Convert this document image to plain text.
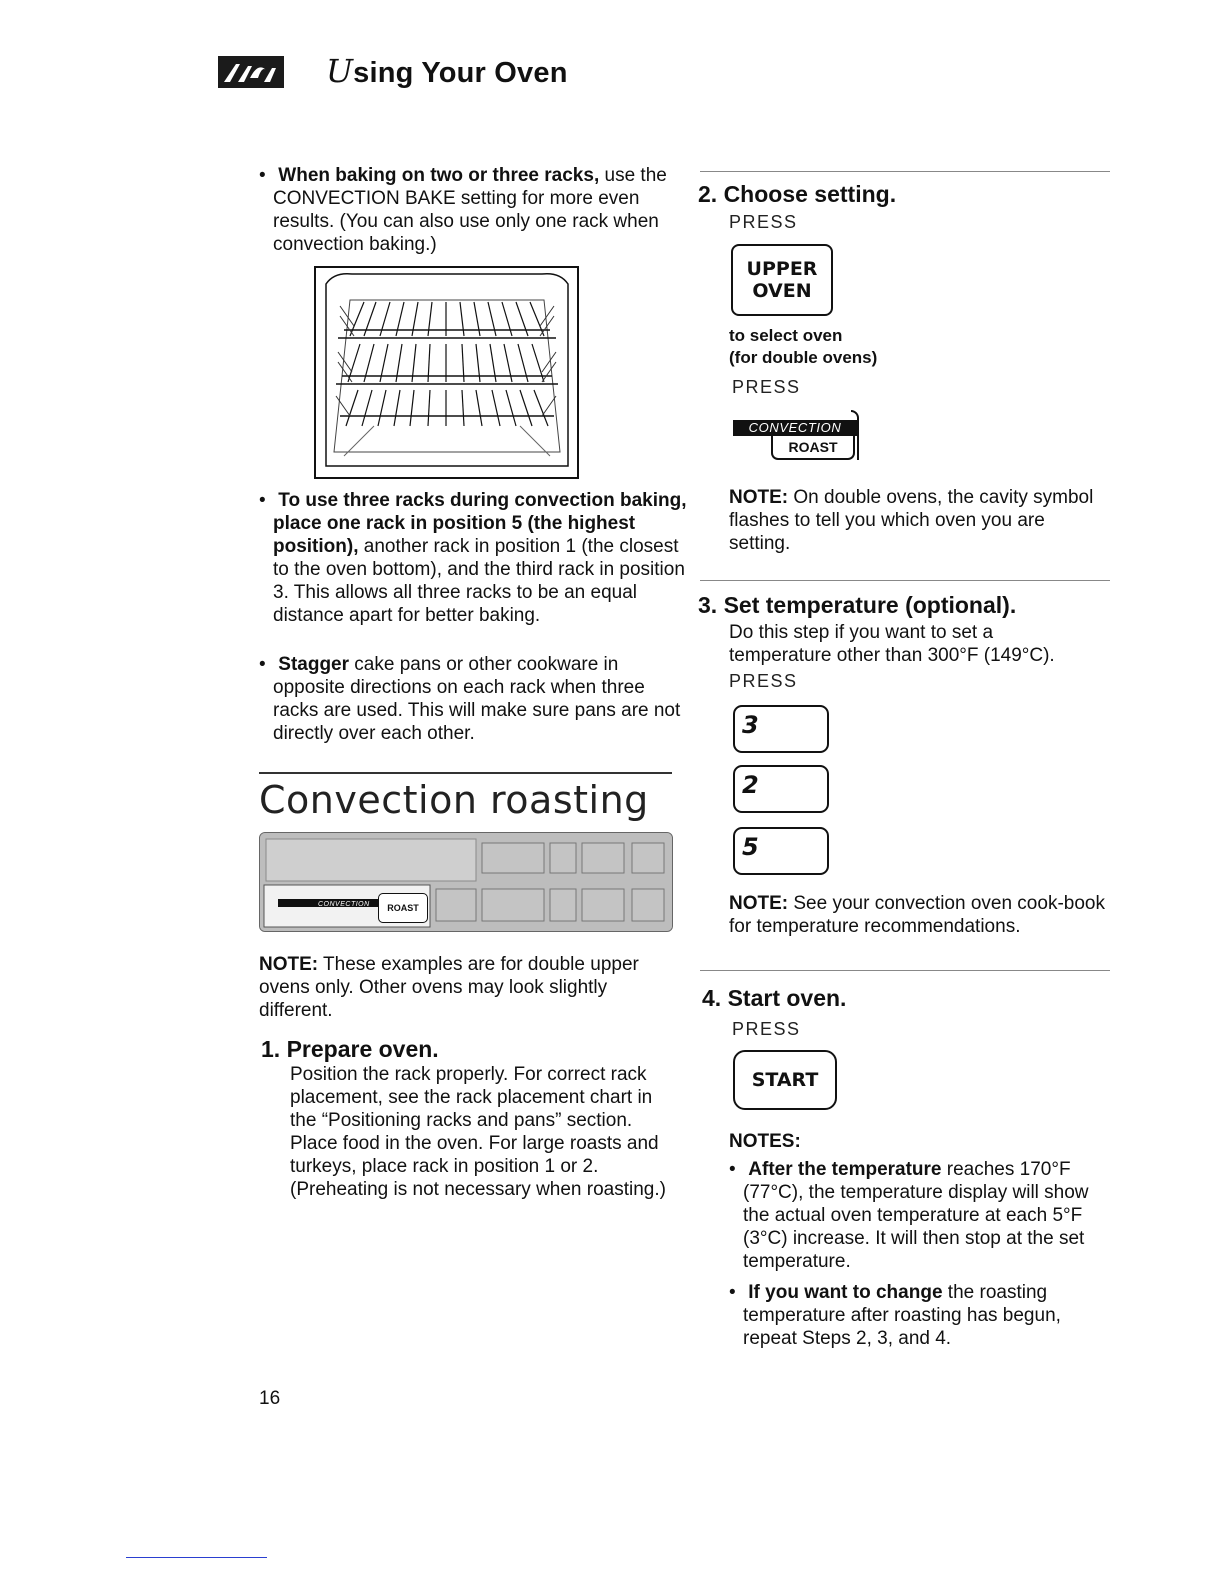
Using Your Oven
• When baking on two or three racks, use the CONVECTION BAKE setting for more even results. (You can also use only one rack when convection baking.)
• To use three racks during convection baking, place one rack in position 5 (the highest position), another rack in position 1 (the closest to the oven bottom), and the third rack in position 3. This allows all three racks to be an equal distance apart for better baking.
• Stagger cake pans or other cookware in opposite directions on each rack when three racks are used. This will make sure pans are not directly over each other.
Convection roasting
CONVECTION	ROAST
NOTE: These examples are for double upper ovens only. Other ovens may look slightly different.
1. Prepare oven.
Position the rack properly. For correct rack placement, see the rack placement chart in the “Positioning racks and pans” section. Place food in the oven. For large roasts and turkeys, place rack in position 1 or 2. (Preheating is not necessary when roasting.)
16
2. Choose setting.
PRESS
UPPER
OVEN
to select oven
(for double ovens)
PRESS
CONVECTION
ROAST
NOTE: On double ovens, the cavity symbol flashes to tell you which oven you are setting.
3. Set temperature (optional).
Do this step if you want to set a temperature other than 300°F (149°C).
PRESS
3
2
5
NOTE: See your convection oven cook-book for temperature recommendations.
4. Start oven.
PRESS
START
NOTES:
• After the temperature reaches 170°F (77°C), the temperature display will show the actual oven temperature at each 5°F (3°C) increase. It will then stop at the set temperature.
• If you want to change the roasting temperature after roasting has begun, repeat Steps 2, 3, and 4.
